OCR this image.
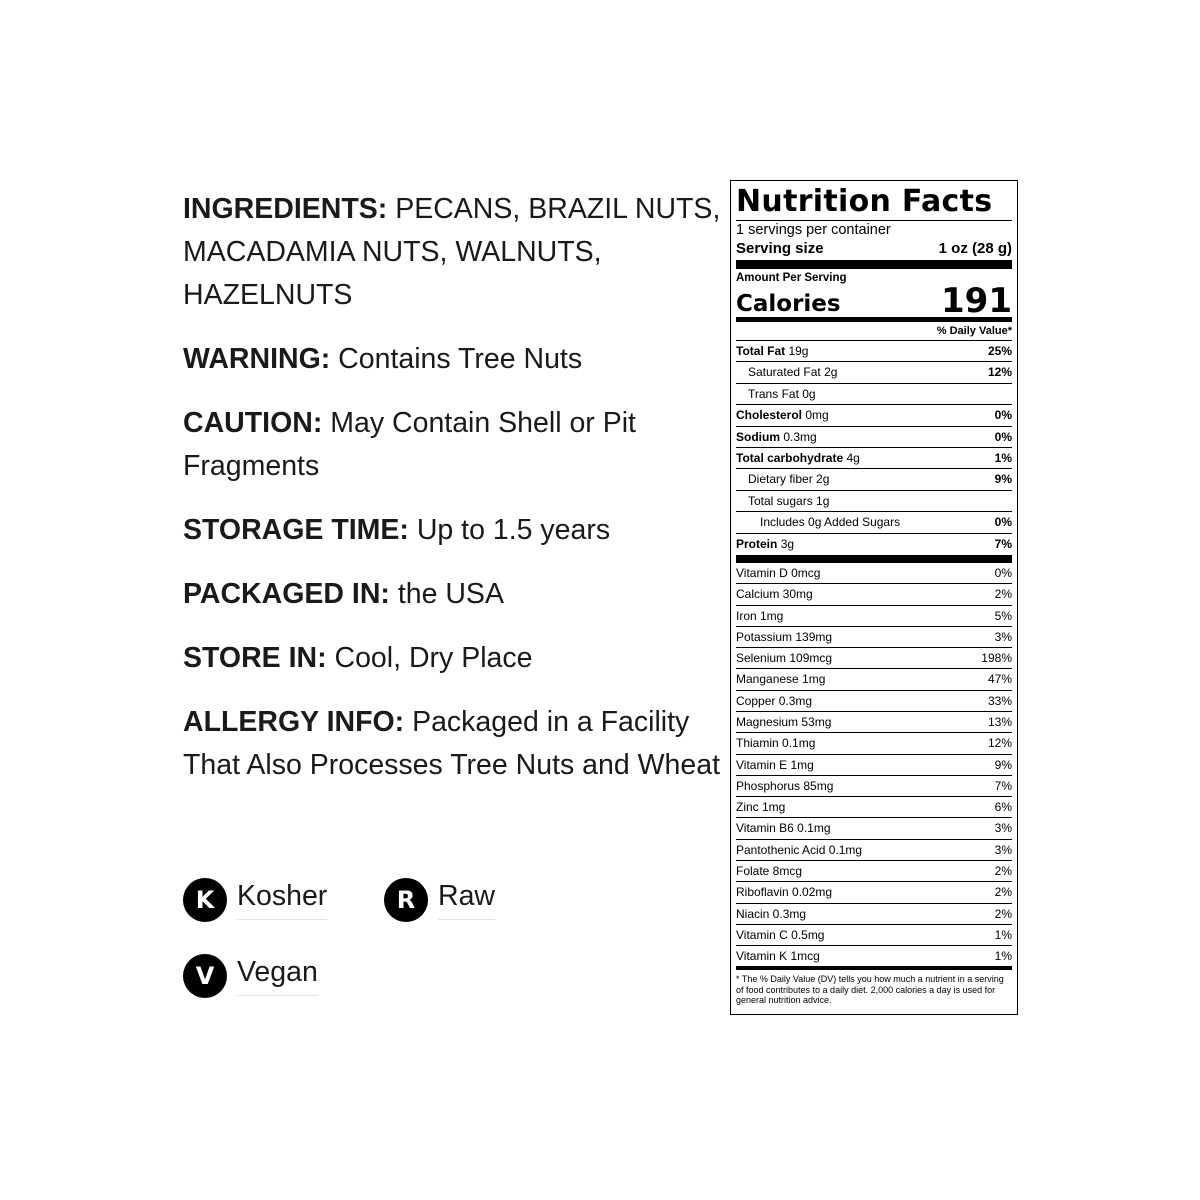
INGREDIENTS: PECANS, BRAZIL NUTS, MACADAMIA NUTS, WALNUTS, HAZELNUTS

WARNING: Contains Tree Nuts

CAUTION: May Contain Shell or Pit Fragments

STORAGE TIME: Up to 1.5 years

PACKAGED IN: the USA

STORE IN: Cool, Dry Place

ALLERGY INFO: Packaged in a Facility That Also Processes Tree Nuts and Wheat

K Kosher	R Raw
V Vegan
Nutrition Facts
1 servings per container
Serving size	1 oz (28 g)
Amount Per Serving
Calories	191
% Daily Value*
Total Fat 19g	25%
Saturated Fat 2g	12%
Trans Fat 0g
Cholesterol 0mg	0%
Sodium 0.3mg	0%
Total carbohydrate 4g	1%
Dietary fiber 2g	9%
Total sugars 1g
Includes 0g Added Sugars	0%
Protein 3g	7%
Vitamin D 0mcg	0%
Calcium 30mg	2%
Iron 1mg	5%
Potassium 139mg	3%
Selenium 109mcg	198%
Manganese 1mg	47%
Copper 0.3mg	33%
Magnesium 53mg	13%
Thiamin 0.1mg	12%
Vitamin E 1mg	9%
Phosphorus 85mg	7%
Zinc 1mg	6%
Vitamin B6 0.1mg	3%
Pantothenic Acid 0.1mg	3%
Folate 8mcg	2%
Riboflavin 0.02mg	2%
Niacin 0.3mg	2%
Vitamin C 0.5mg	1%
Vitamin K 1mcg	1%
* The % Daily Value (DV) tells you how much a nutrient in a serving of food contributes to a daily diet. 2,000 calories a day is used for general nutrition advice.
